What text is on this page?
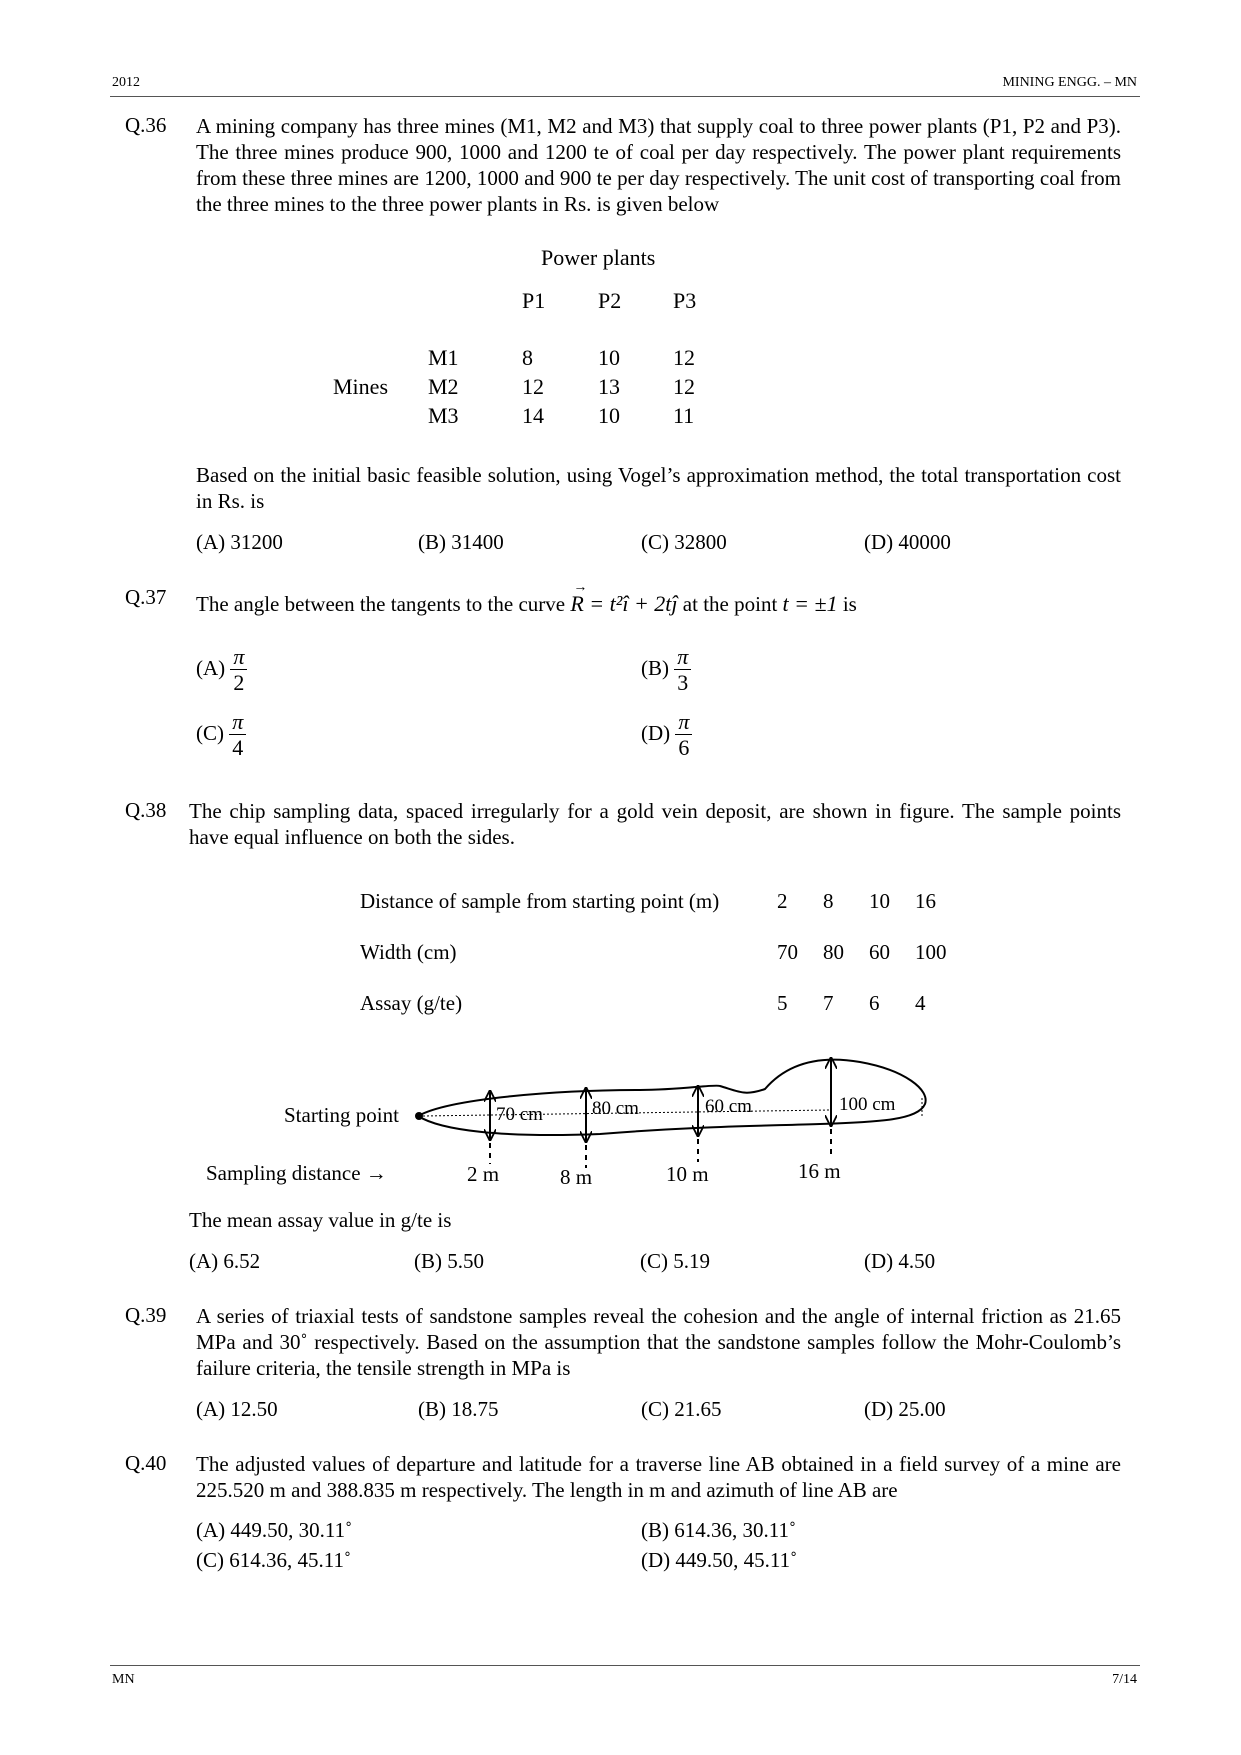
2012	MINING ENGG. – MN
Q.36 A mining company has three mines (M1, M2 and M3) that supply coal to three power plants (P1, P2 and P3). The three mines produce 900, 1000 and 1200 te of coal per day respectively. The power plant requirements from these three mines are 1200, 1000 and 900 te per day respectively. The unit cost of transporting coal from the three mines to the three power plants in Rs. is given below
Power plants
P1 P2 P3
Mines
M1	8	10 12
M2	12 13 12
M3	14 10 11
Based on the initial basic feasible solution, using Vogel’s approximation method, the total transportation cost in Rs. is
(A) 31200	(B) 31400	(C) 32800	(D) 40000
Q.37 The angle between the tangents to the curve
→
R = t²î + 2tĵ at the point t = ±1 is
$(A) \frac{\pi}{2}$	$(B) \frac{\pi}{3}$
$(C) \frac{\pi}{4}$	$(D) \frac{\pi}{6}$
Q.38 The chip sampling data, spaced irregularly for a gold vein deposit, are shown in figure. The sample points have equal influence on both the sides.
Distance of sample from starting point (m)	2 8 10 16
Width (cm)	70 80 60 100
Assay (g/te)	5 7 6 4
Starting point
Sampling distance →
70 cm	80 cm	60 cm	100 cm
2 m	8 m	10 m	16 m
The mean assay value in g/te is
(A) 6.52	(B) 5.50	(C) 5.19	(D) 4.50
Q.39 A series of triaxial tests of sandstone samples reveal the cohesion and the angle of internal friction as 21.65 MPa and 30˚ respectively. Based on the assumption that the sandstone samples follow the Mohr-Coulomb’s failure criteria, the tensile strength in MPa is
(A) 12.50	(B) 18.75	(C) 21.65	(D) 25.00
Q.40 The adjusted values of departure and latitude for a traverse line AB obtained in a field survey of a mine are 225.520 m and 388.835 m respectively. The length in m and azimuth of line AB are
(A) 449.50, 30.11˚	(B) 614.36, 30.11˚
(C) 614.36, 45.11˚	(D) 449.50, 45.11˚
MN	7/14
